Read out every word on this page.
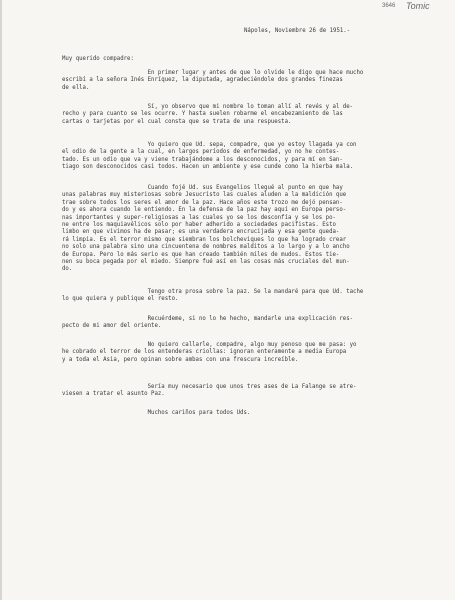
3646 Tomic
Nápoles, Noviembre 26 de 1951.-
Muy querido compadre:
En primer lugar y antes de que lo olvide le digo que hace mucho
escribí a la señora Inés Enríquez, la diputada, agradeciéndole dos grandes finezas
de ella.
Sí, yo observo que mi nombre lo toman allí al revés y al de-
recho y para cuanto se les ocurre. Y hasta suelen robarme el encabezamiento de las
cartas o tarjetas por el cual consta que se trata de una respuesta.
Yo quiero que Ud. sepa, compadre, que yo estoy llagada ya con
el odio de la gente a la cual, en largos períodos de enfermedad, yo no he contes-
tado. Es un odio que va y viene trabajándome a los desconocidos, y para mí en San-
tiago son desconocidos casi todos. Hacen un ambiente y ese cunde como la hierba mala.
Cuando fojé Ud. sus Evangelios llegué al punto en que hay
unas palabras muy misteriosas sobre Jesucristo las cuales aluden a la maldición que
trae sobre todos los seres el amor de la paz. Hace años este trozo me dejó pensan-
do y es ahora cuando le entiendo. En la defensa de la paz hay aquí en Europa perso-
nas importantes y super-religiosas a las cuales yo se los desconfía y se los po-
ne entre los maquiavélicos solo por haber adherido a sociedades pacifistas. Esto
limbo en que vivimos ha de pasar; es una verdadera encrucijada y esa gente queda-
rá limpia. Es el terror mismo que siembran los bolcheviques lo que ha logrado crear
no solo una palabra sino una cincuentena de nombres malditos a lo largo y a lo ancho
de Europa. Pero lo más serio es que han creado también miles de mudos. Estos tie-
nen su boca pegada por el miedo. Siempre fué así en las cosas más cruciales del mun-
do.
Tengo otra prosa sobre la paz. Se la mandaré para que Ud. tache
lo que quiera y publique el resto.
Recuérdeme, si no lo he hecho, mandarle una explicación res-
pecto de mi amor del oriente.
No quiero callarle, compadre, algo muy penoso que me pasa: yo
he cobrado el terror de los entenderas criollas: ignoran enteramente a media Europa
y a toda el Asia, pero opinan sobre ambas con una frescura increíble.
Sería muy necesario que unos tres ases de La Falange se atre-
viesen a tratar el asunto Paz.
Muchos cariños para todos Uds.
